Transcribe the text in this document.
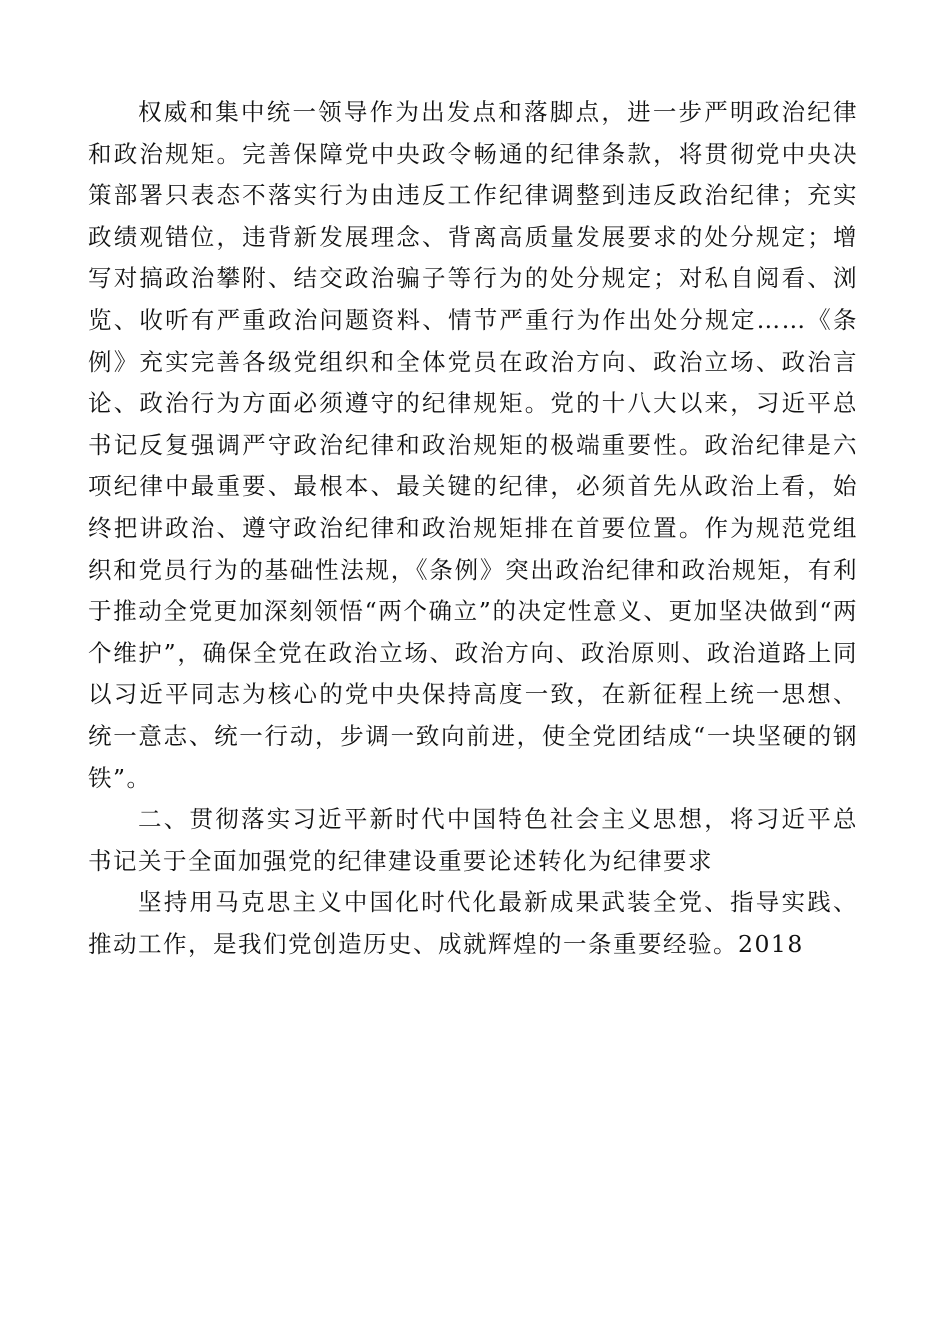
权威和集中统一领导作为出发点和落脚点，进一步严明政治纪律和政治规矩。完善保障党中央政令畅通的纪律条款，将贯彻党中央决策部署只表态不落实行为由违反工作纪律调整到违反政治纪律；充实政绩观错位，违背新发展理念、背离高质量发展要求的处分规定；增写对搞政治攀附、结交政治骗子等行为的处分规定；对私自阅看、浏览、收听有严重政治问题资料、情节严重行为作出处分规定……《条例》充实完善各级党组织和全体党员在政治方向、政治立场、政治言论、政治行为方面必须遵守的纪律规矩。党的十八大以来，习近平总书记反复强调严守政治纪律和政治规矩的极端重要性。政治纪律是六项纪律中最重要、最根本、最关键的纪律，必须首先从政治上看，始终把讲政治、遵守政治纪律和政治规矩排在首要位置。作为规范党组织和党员行为的基础性法规，《条例》突出政治纪律和政治规矩，有利于推动全党更加深刻领悟“两个确立”的决定性意义、更加坚决做到“两个维护”，确保全党在政治立场、政治方向、政治原则、政治道路上同以习近平同志为核心的党中央保持高度一致，在新征程上统一思想、统一意志、统一行动，步调一致向前进，使全党团结成“一块坚硬的钢铁”。

二、贯彻落实习近平新时代中国特色社会主义思想，将习近平总书记关于全面加强党的纪律建设重要论述转化为纪律要求

坚持用马克思主义中国化时代化最新成果武装全党、指导实践、推动工作，是我们党创造历史、成就辉煌的一条重要经验。2018
